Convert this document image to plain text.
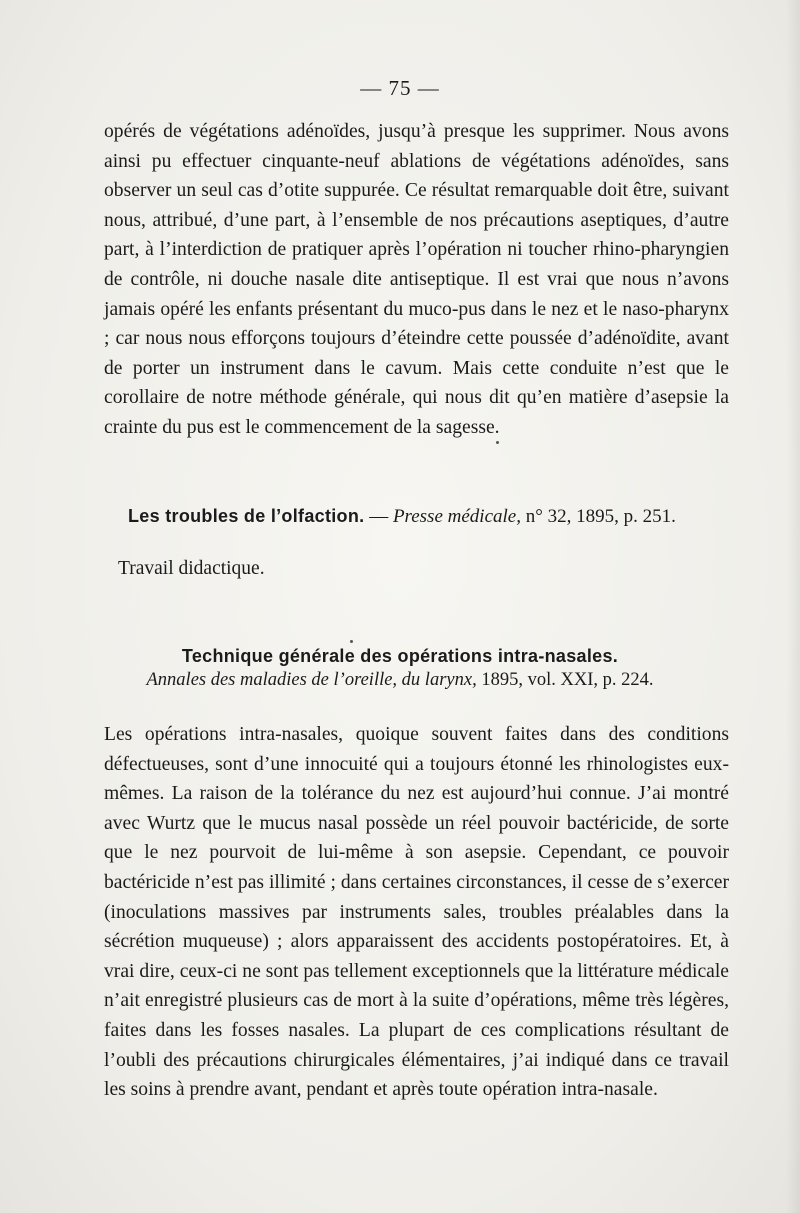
— 75 —

opérés de végétations adénoïdes, jusqu’à presque les supprimer. Nous avons ainsi pu effectuer cinquante-neuf ablations de végétations adénoïdes, sans observer un seul cas d’otite suppurée. Ce résultat remarquable doit être, suivant nous, attribué, d’une part, à l’ensemble de nos précautions aseptiques, d’autre part, à l’interdiction de pratiquer après l’opération ni toucher rhino-pharyngien de contrôle, ni douche nasale dite antiseptique. Il est vrai que nous n’avons jamais opéré les enfants présentant du muco-pus dans le nez et le naso-pharynx ; car nous nous efforçons toujours d’éteindre cette poussée d’adénoïdite, avant de porter un instrument dans le cavum. Mais cette conduite n’est que le corollaire de notre méthode générale, qui nous dit qu’en matière d’asepsie la crainte du pus est le commencement de la sagesse.

Les troubles de l’olfaction. — Presse médicale, n° 32, 1895, p. 251.
Travail didactique.
Technique générale des opérations intra-nasales.
Annales des maladies de l’oreille, du larynx, 1895, vol. XXI, p. 224.

Les opérations intra-nasales, quoique souvent faites dans des conditions défectueuses, sont d’une innocuité qui a toujours étonné les rhinologistes eux-mêmes. La raison de la tolérance du nez est aujourd’hui connue. J’ai montré avec Wurtz que le mucus nasal possède un réel pouvoir bactéricide, de sorte que le nez pourvoit de lui-même à son asepsie. Cependant, ce pouvoir bactéricide n’est pas illimité ; dans certaines circonstances, il cesse de s’exercer (inoculations massives par instruments sales, troubles préalables dans la sécrétion muqueuse) ; alors apparaissent des accidents postopératoires. Et, à vrai dire, ceux-ci ne sont pas tellement exceptionnels que la littérature médicale n’ait enregistré plusieurs cas de mort à la suite d’opérations, même très légères, faites dans les fosses nasales. La plupart de ces complications résultant de l’oubli des précautions chirurgicales élémentaires, j’ai indiqué dans ce travail les soins à prendre avant, pendant et après toute opération intra-nasale.
